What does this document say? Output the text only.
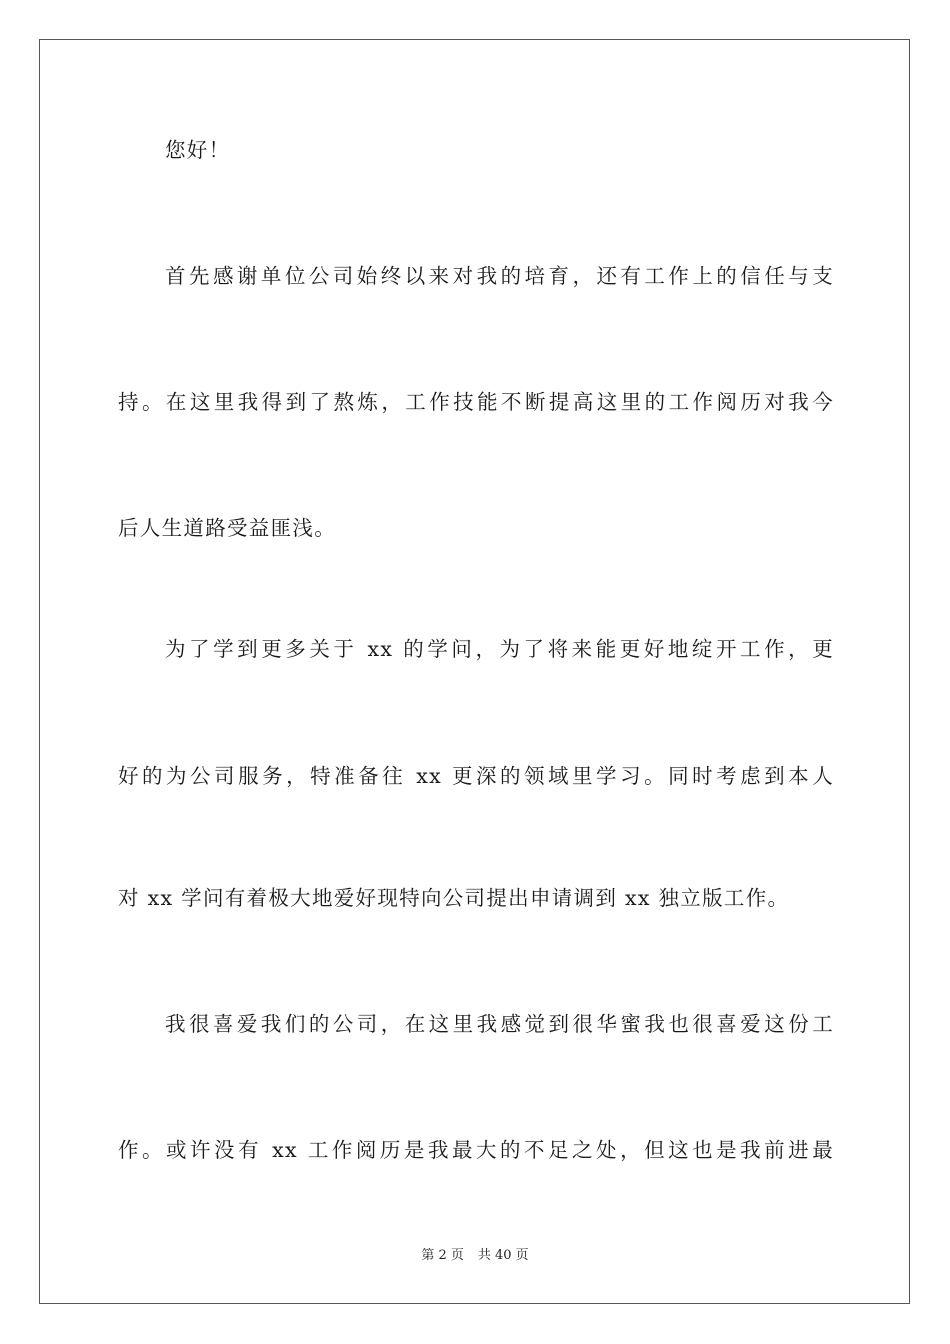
您好！
首先感谢单位公司始终以来对我的培育，还有工作上的信任与支
持。在这里我得到了熬炼，工作技能不断提高这里的工作阅历对我今
后人生道路受益匪浅。
为了学到更多关于 xx 的学问，为了将来能更好地绽开工作，更
好的为公司服务，特准备往 xx 更深的领域里学习。同时考虑到本人
对 xx 学问有着极大地爱好现特向公司提出申请调到 xx 独立版工作。
我很喜爱我们的公司，在这里我感觉到很华蜜我也很喜爱这份工
作。或许没有 xx 工作阅历是我最大的不足之处，但这也是我前进最
第 2 页 共 40 页
